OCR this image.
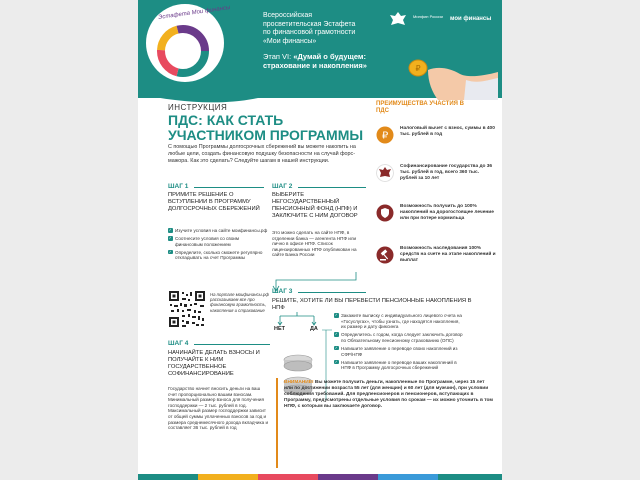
Эстафета Мои финансы	Всероссийская просветительская Эстафета по финансовой грамотности «Мои финансы»
Минфин России мои финансы
Этап VI: «Думай о будущем: страхование и накопления»	₽
ИНСТРУКЦИЯ
ПДС: КАК СТАТЬ УЧАСТНИКОМ ПРОГРАММЫ
С помощью Программы долгосрочных сбережений вы можете накопить на любые цели, создать финансовую подушку безопасности на случай форс-мажора. Как это сделать? Следуйте шагам в нашей инструкции.
ШАГ 1
ПРИМИТЕ РЕШЕНИЕ О ВСТУПЛЕНИИ В ПРОГРАММУ ДОЛГОСРОЧНЫХ СБЕРЕЖЕНИЙ
✓ Изучите условия на сайте моифинансы.рф
✓ Соотнесите условия со своим финансовым положением
✓ Определите, сколько сможете регулярно откладывать на счет Программы
ШАГ 2
ВЫБЕРИТЕ НЕГОСУДАРСТВЕННЫЙ ПЕНСИОННЫЙ ФОНД (НПФ) И ЗАКЛЮЧИТЕ С НИМ ДОГОВОР
Это можно сделать на сайте НПФ, в отделении банка — агенгента НПФ или лично в офисе НПФ. Список лицензированных НПФ опубликован на сайте Банка России
На портале моифинансы.рф рассказываем все про финансовую грамотность, накопления и страхование
ШАГ 3
РЕШИТЕ, ХОТИТЕ ЛИ ВЫ ПЕРЕВЕСТИ ПЕНСИОННЫЕ НАКОПЛЕНИЯ В НПФ
НЕТ	ДА
✓ Закажите выписку с индивидуального лицевого счета на «Госуслугах», чтобы узнать, где находятся накопления, их размер и дату фиксинга
✓ Определитесь с годом, когда следует заключить договор по Обязательному пенсионному страхованию (ОПС)
✓ Напишите заявление о переводе своих накоплений из СФР/НПФ
✓ Напишите заявление о переводе ваших накоплений в НПФ в Программу долгосрочных сбережений
ШАГ 4
НАЧИНАЙТЕ ДЕЛАТЬ ВЗНОСЫ И ПОЛУЧАЙТЕ К НИМ ГОСУДАРСТВЕННОЕ СОФИНАНСИРОВАНИЕ
Государство начнет вносить деньги на ваш счет пропорционально вашим взносам. Минимальный размер взноса для получения господдержки — 2 тыс. рублей в год. Максимальный размер господдержки зависит от общей суммы уплаченных взносов за год и размера среднемесячного дохода вкладчика и составляет 36 тыс. рублей в год
ПРЕИМУЩЕСТВА УЧАСТИЯ В ПДС
₽
Налоговый вычет с взнос, суммы в 400 тыс. рублей в год
Софинансирование государства до 36 тыс. рублей в год, всего 360 тыс. рублей за 10 лет
Возможность получить до 100% накоплений на дорогостоящее лечение или при потере кормильца
Возможность наследования 100% средств на счете на этапе накоплений и выплат
ВНИМАНИЕ! Вы можете получить деньги, накопленные по Программе, через 15 лет или по достижении возраста 55 лет (для женщин) и 60 лет (для мужчин), при условии соблюдения требований. Для предпенсионеров и пенсионеров, вступающих в Программу, предусмотрены отдельные условия по срокам — их можно уточнить в том НПФ, с которым вы заключаете договор.
